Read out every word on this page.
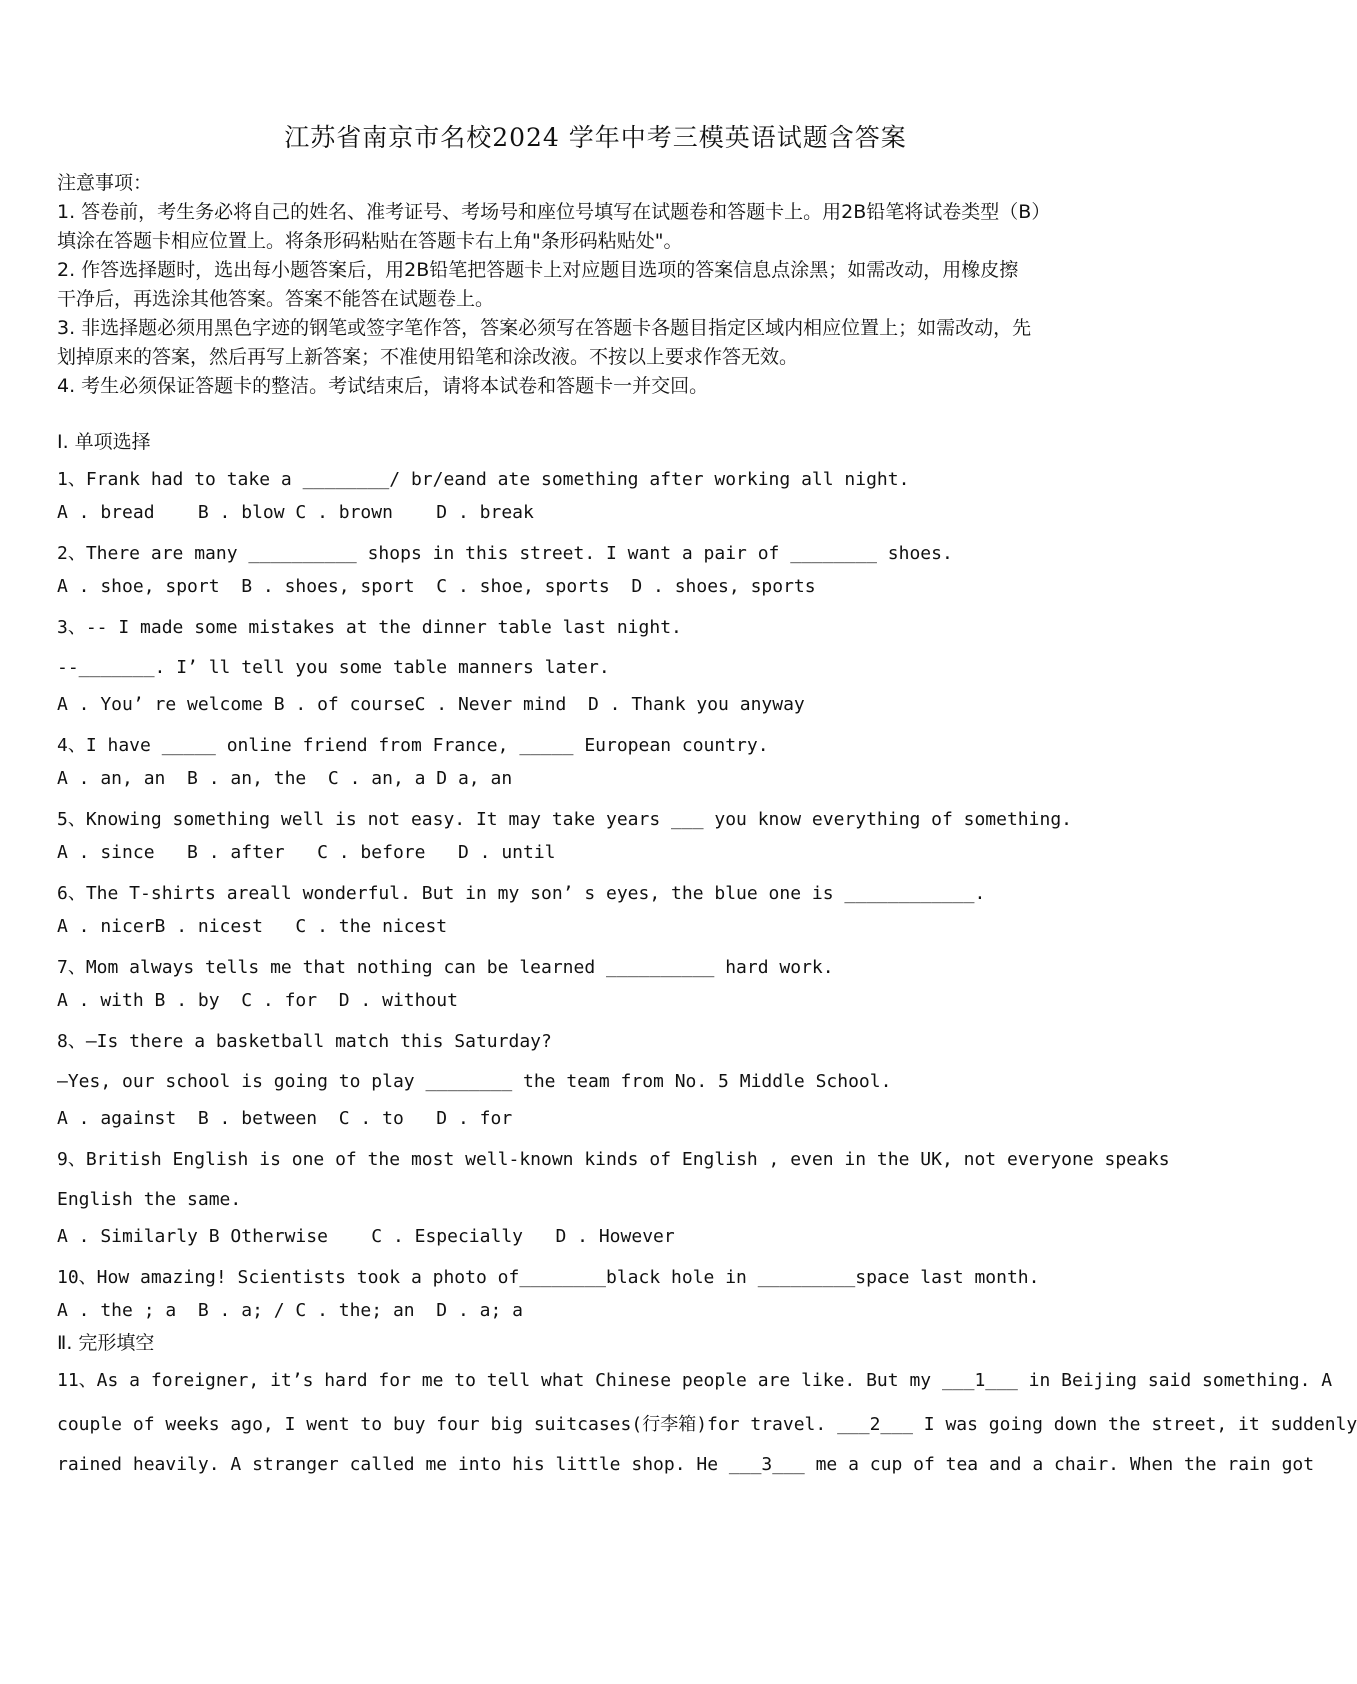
江苏省南京市名校2024 学年中考三模英语试题含答案
注意事项：
1. 答卷前，考生务必将自己的姓名、准考证号、考场号和座位号填写在试题卷和答题卡上。用2B铅笔将试卷类型（B）
填涂在答题卡相应位置上。将条形码粘贴在答题卡右上角"条形码粘贴处"。
2. 作答选择题时，选出每小题答案后，用2B铅笔把答题卡上对应题目选项的答案信息点涂黑；如需改动，用橡皮擦
干净后，再选涂其他答案。答案不能答在试题卷上。
3. 非选择题必须用黑色字迹的钢笔或签字笔作答，答案必须写在答题卡各题目指定区域内相应位置上；如需改动，先
划掉原来的答案，然后再写上新答案；不准使用铅笔和涂改液。不按以上要求作答无效。
4. 考生必须保证答题卡的整洁。考试结束后，请将本试卷和答题卡一并交回。
Ⅰ. 单项选择
1、Frank had to take a ________/ br/eand ate something after working all night.
A . bread    B . blow C . brown    D . break
2、There are many __________ shops in this street. I want a pair of ________ shoes.
A . shoe, sport  B . shoes, sport  C . shoe, sports  D . shoes, sports
3、-- I made some mistakes at the dinner table last night.
--_______. I’ ll tell you some table manners later.
A . You’ re welcome B . of courseC . Never mind  D . Thank you anyway
4、I have _____ online friend from France, _____ European country.
A . an, an  B . an, the  C . an, a D a, an
5、Knowing something well is not easy. It may take years ___ you know everything of something.
A . since   B . after   C . before   D . until
6、The T-shirts areall wonderful. But in my son’ s eyes, the blue one is ____________.
A . nicerB . nicest   C . the nicest
7、Mom always tells me that nothing can be learned __________ hard work.
A . with B . by  C . for  D . without
8、—Is there a basketball match this Saturday?
—Yes, our school is going to play ________ the team from No. 5 Middle School.
A . against  B . between  C . to   D . for
9、British English is one of the most well-known kinds of English , even in the UK, not everyone speaks
English the same.
A . Similarly B Otherwise    C . Especially   D . However
10、How amazing! Scientists took a photo of________black hole in _________space last month.
A . the ; a  B . a; / C . the; an  D . a; a
Ⅱ. 完形填空
11、As a foreigner, it’s hard for me to tell what Chinese people are like. But my ___1___ in Beijing said something. A
couple of weeks ago, I went to buy four big suitcases(行李箱)for travel. ___2___ I was going down the street, it suddenly
rained heavily. A stranger called me into his little shop. He ___3___ me a cup of tea and a chair. When the rain got
